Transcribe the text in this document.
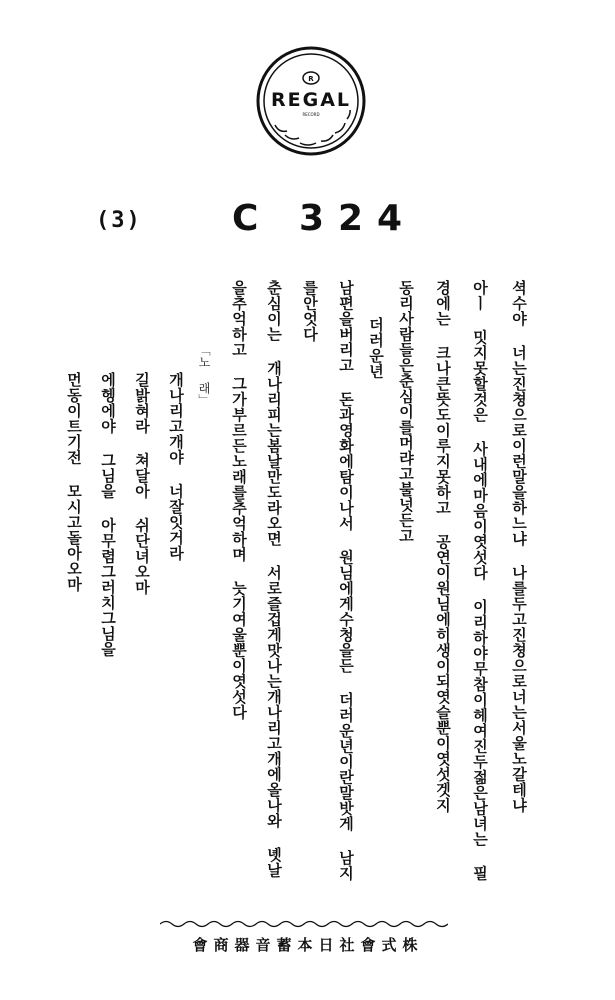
R
REGAL
RECORD
(3)	C 324
셕수야 너는진쳥으로이런말을하느냐 나를두고진쳥으로너는서울노갈테냐
아ㅣ 밋지못할것은 사내에마음이엿섯다 이리하야무참이헤여진두젊은남녀는 필
경에는 크나큰뜻도이루지못하고 공연이원님에히생이되엿슬뿐이엿섯겟지
동리사람들은춘심이를머랴고불넛든고
더러운년
남편을버리고 돈과영화에탐이나서 원님에게수청을든 더러운년이란말밧게 남지
를안엇다
춘심이는 개나리피는봄날만도라오면 서로즐겁게맛나는개나리고개에올나와 녯날
을추억하고 그가부르든노래를추억하며 늣기여울뿐이엿섯다
「노 래」
개나리고개야 너잘잇거라
길밝혀라 쳐달아 쉬단녀오마
에헹에야 그님을 아무렴그러치그님을
먼동이트기전 모시고돌아오마
會商器音蓄本日社會式株
